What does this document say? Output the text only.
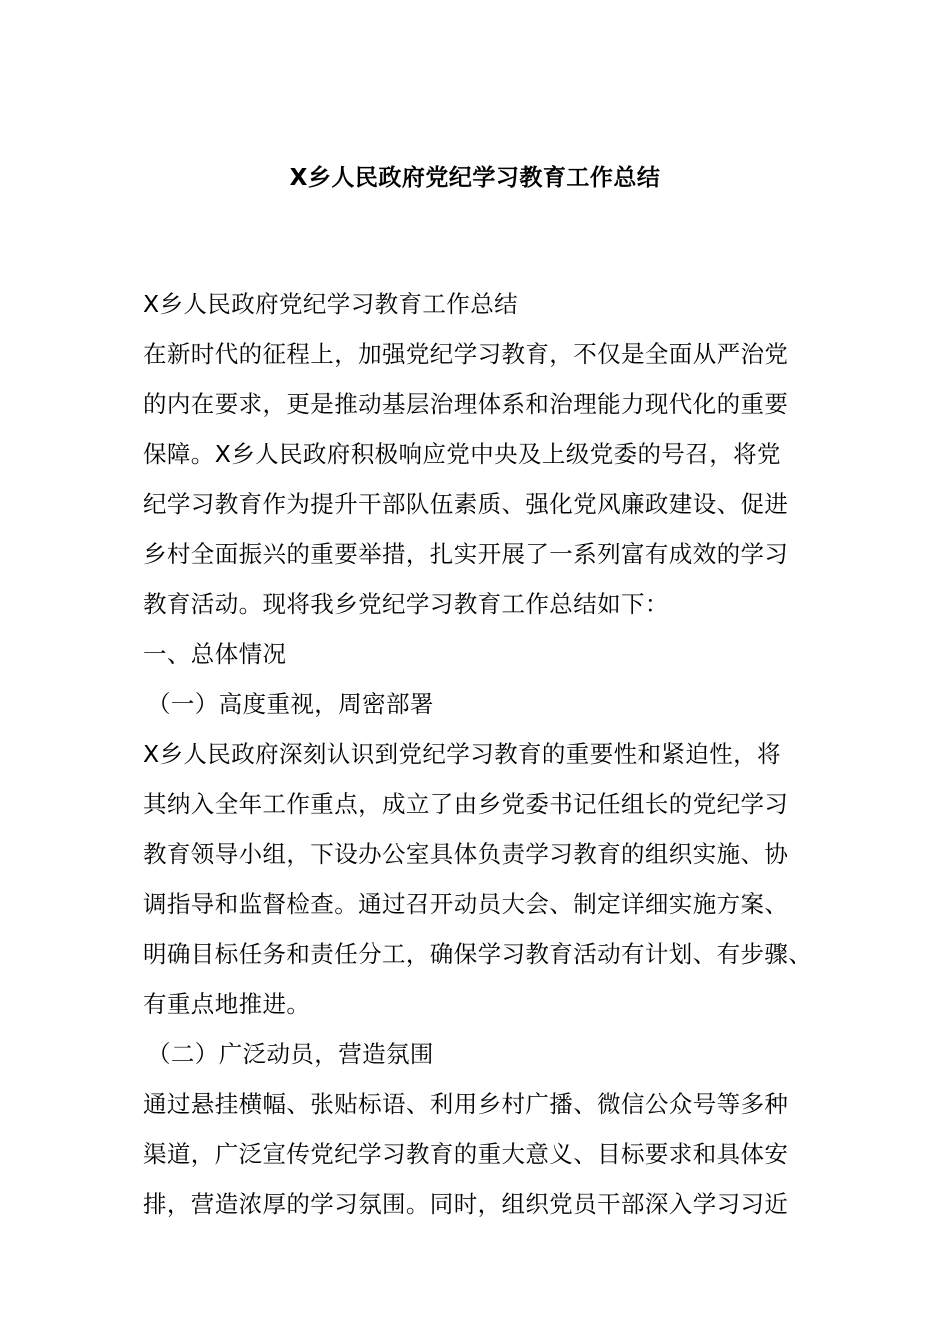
X乡人民政府党纪学习教育工作总结
X乡人民政府党纪学习教育工作总结
在新时代的征程上，加强党纪学习教育，不仅是全面从严治党
的内在要求，更是推动基层治理体系和治理能力现代化的重要
保障。X乡人民政府积极响应党中央及上级党委的号召，将党
纪学习教育作为提升干部队伍素质、强化党风廉政建设、促进
乡村全面振兴的重要举措，扎实开展了一系列富有成效的学习
教育活动。现将我乡党纪学习教育工作总结如下：
一、总体情况
（一）高度重视，周密部署
X乡人民政府深刻认识到党纪学习教育的重要性和紧迫性，将
其纳入全年工作重点，成立了由乡党委书记任组长的党纪学习
教育领导小组，下设办公室具体负责学习教育的组织实施、协
调指导和监督检查。通过召开动员大会、制定详细实施方案、
明确目标任务和责任分工，确保学习教育活动有计划、有步骤、
有重点地推进。
（二）广泛动员，营造氛围
通过悬挂横幅、张贴标语、利用乡村广播、微信公众号等多种
渠道，广泛宣传党纪学习教育的重大意义、目标要求和具体安
排，营造浓厚的学习氛围。同时，组织党员干部深入学习习近
